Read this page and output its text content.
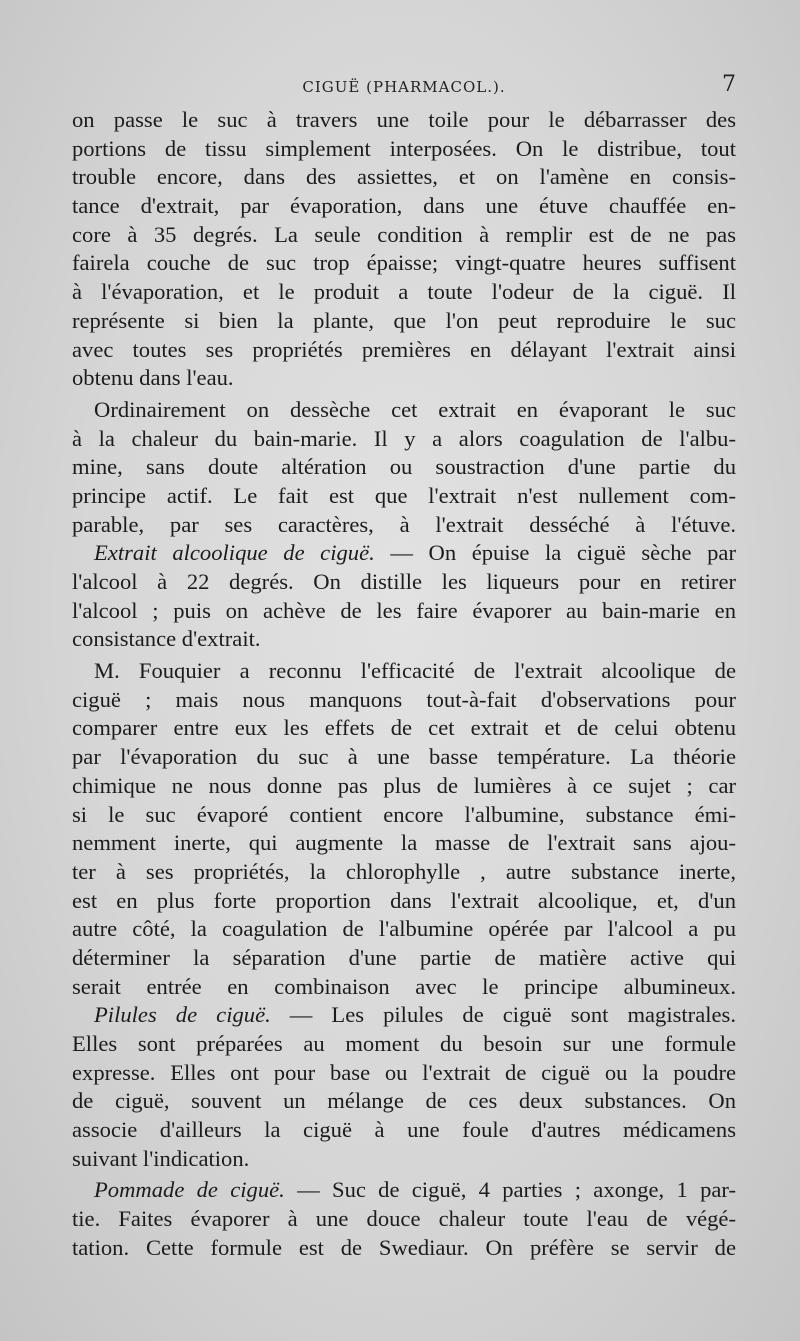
CIGUË (PHARMACOL.).	7
on passe le suc à travers une toile pour le débarrasser des
portions de tissu simplement interposées. On le distribue, tout
trouble encore, dans des assiettes, et on l'amène en consis-
tance d'extrait, par évaporation, dans une étuve chauffée en-
core à 35 degrés. La seule condition à remplir est de ne pas
fairela couche de suc trop épaisse; vingt-quatre heures suffisent
à l'évaporation, et le produit a toute l'odeur de la ciguë. Il
représente si bien la plante, que l'on peut reproduire le suc
avec toutes ses propriétés premières en délayant l'extrait ainsi
obtenu dans l'eau.
Ordinairement on dessèche cet extrait en évaporant le suc
à la chaleur du bain-marie. Il y a alors coagulation de l'albu-
mine, sans doute altération ou soustraction d'une partie du
principe actif. Le fait est que l'extrait n'est nullement com-
parable, par ses caractères, à l'extrait desséché à l'étuve.
Extrait alcoolique de ciguë. — On épuise la ciguë sèche par
l'alcool à 22 degrés. On distille les liqueurs pour en retirer
l'alcool ; puis on achève de les faire évaporer au bain-marie en
consistance d'extrait.
M. Fouquier a reconnu l'efficacité de l'extrait alcoolique de
ciguë ; mais nous manquons tout-à-fait d'observations pour
comparer entre eux les effets de cet extrait et de celui obtenu
par l'évaporation du suc à une basse température. La théorie
chimique ne nous donne pas plus de lumières à ce sujet ; car
si le suc évaporé contient encore l'albumine, substance émi-
nemment inerte, qui augmente la masse de l'extrait sans ajou-
ter à ses propriétés, la chlorophylle , autre substance inerte,
est en plus forte proportion dans l'extrait alcoolique, et, d'un
autre côté, la coagulation de l'albumine opérée par l'alcool a pu
déterminer la séparation d'une partie de matière active qui
serait entrée en combinaison avec le principe albumineux.
Pilules de ciguë. — Les pilules de ciguë sont magistrales.
Elles sont préparées au moment du besoin sur une formule
expresse. Elles ont pour base ou l'extrait de ciguë ou la poudre
de ciguë, souvent un mélange de ces deux substances. On
associe d'ailleurs la ciguë à une foule d'autres médicamens
suivant l'indication.
Pommade de ciguë. — Suc de ciguë, 4 parties ; axonge, 1 par-
tie. Faites évaporer à une douce chaleur toute l'eau de végé-
tation. Cette formule est de Swediaur. On préfère se servir de
